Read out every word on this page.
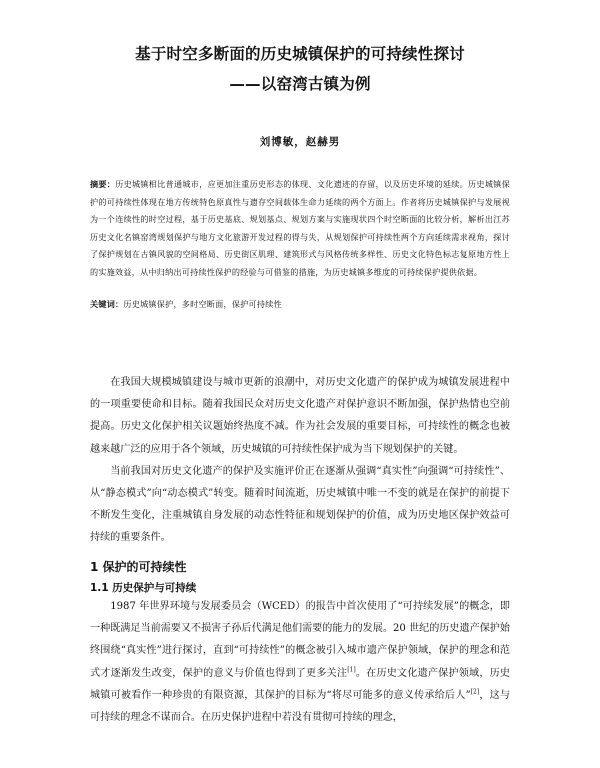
基于时空多断面的历史城镇保护的可持续性探讨
——以窑湾古镇为例
刘博敏，赵赫男
摘要：历史城镇相比普通城市，应更加注重历史形态的体现、文化遗迹的存留，以及历史环境的延续。历史城镇保护的可持续性体现在地方传统特色原真性与遗存空间载体生命力延续的两个方面上。作者将历史城镇保护与发展视为一个连续性的时空过程，基于历史基底、规划基点、规划方案与实施现状四个时空断面的比较分析，解析出江苏历史文化名镇窑湾规划保护与地方文化旅游开发过程的得与失，从规划保护可持续性两个方向延续需求视角，探讨了保护规划在古镇风貌的空间格局、历史街区肌理、建筑形式与风格传统多样性、历史文化特色标志复原地方性上的实施效益，从中归纳出可持续性保护的经验与可借鉴的措施，为历史城镇多维度的可持续保护提供依据。
关键词：历史城镇保护，多时空断面，保护可持续性

在我国大规模城镇建设与城市更新的浪潮中，对历史文化遗产的保护成为城镇发展进程中的一项重要使命和目标。随着我国民众对历史文化遗产对保护意识不断加强，保护热情也空前提高。历史文化保护相关议题始终热度不减。作为社会发展的重要目标，可持续性的概念也被越来越广泛的应用于各个领域，历史城镇的可持续性保护成为当下规划保护的关键。

当前我国对历史文化遗产的保护及实施评价正在逐渐从强调“真实性”向强调“可持续性”、从“静态模式”向“动态模式”转变。随着时间流逝，历史城镇中唯一不变的就是在保护的前提下不断发生变化，注重城镇自身发展的动态性特征和规划保护的价值，成为历史地区保护效益可持续的重要条件。

1 保护的可持续性
1.1 历史保护与可持续

1987 年世界环境与发展委员会（WCED）的报告中首次使用了“可持续发展”的概念，即一种既满足当前需要又不损害子孙后代满足他们需要的能力的发展。20 世纪的历史遗产保护始终围绕“真实性”进行探讨，直到“可持续性”的概念被引入城市遗产保护领域，保护的理念和范式才逐渐发生改变，保护的意义与价值也得到了更多关注[1]。在历史文化遗产保护领域，历史城镇可被看作一种珍贵的有限资源，其保护的目标为“将尽可能多的意义传承给后人”[2]，这与可持续的理念不谋而合。在历史保护进程中若没有贯彻可持续的理念，
